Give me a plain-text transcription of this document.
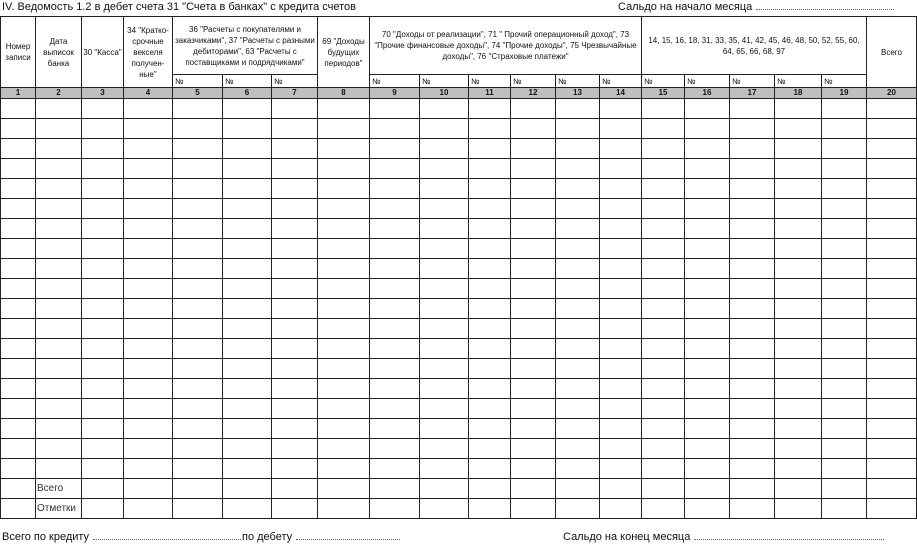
IV. Ведомость 1.2 в дебет счета 31 "Счета в банках" с кредита счетов	Сальдо на начало месяца
Номер записи	Дата выписок банка	30 "Касса"	34 "Кратко-срочные векселя получен-ные"	36 "Расчеты с покупателями и заказчиками", 37 "Расчеты с разными дебиторами", 63 "Расчеты с поставщиками и подрядчиками"			69 "Доходы будущих периодов"	70 "Доходы от реализации", 71 " Прочий операционный доход", 73 "Прочие финансовые доходы", 74 "Прочие доходы", 75 Чрезвычайные доходы", 76 "Страховые платежи"						14, 15, 16, 18, 31, 33, 35, 41, 42, 45, 46, 48, 50, 52, 55, 60, 64, 65, 66, 68, 97					Всего
				№	№	№		№	№	№	№	№	№	№	№	№	№	№	
1	2	3	4	5	6	7	8	9	10	11	12	13	14	15	16	17	18	19	20

	Всего																		
	Отметки																		
Всего по кредиту	по дебету	Сальдо на конец месяца
